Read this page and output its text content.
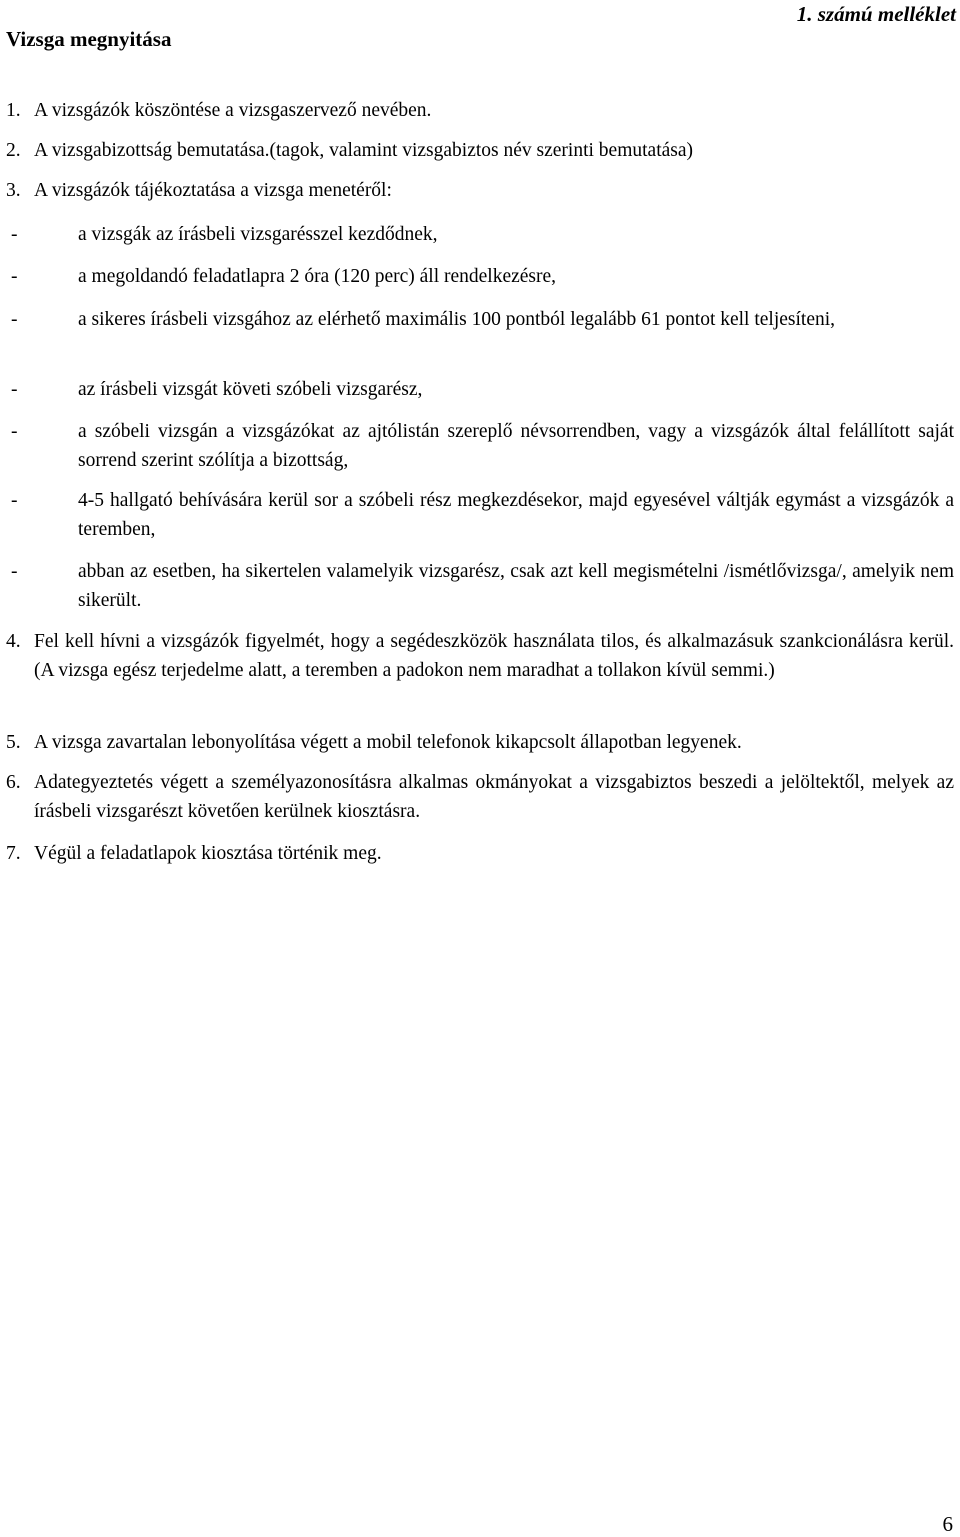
1. számú melléklet
Vizsga megnyitása
1. A vizsgázók köszöntése a vizsgaszervező nevében.
2. A vizsgabizottság bemutatása.(tagok, valamint vizsgabiztos név szerinti bemutatása)
3. A vizsgázók tájékoztatása a vizsga menetéről:
-	a vizsgák az írásbeli vizsgarésszel kezdődnek,
-	a megoldandó feladatlapra 2 óra (120 perc) áll rendelkezésre,
-	a sikeres írásbeli vizsgához az elérhető maximális 100 pontból legalább 61 pontot kell teljesíteni,
-	az írásbeli vizsgát követi szóbeli vizsgarész,
-	a szóbeli vizsgán a vizsgázókat az ajtólistán szereplő névsorrendben, vagy a vizsgázók által felállított saját sorrend szerint szólítja a bizottság,
-	4-5 hallgató behívására kerül sor a szóbeli rész megkezdésekor, majd egyesével váltják egymást a vizsgázók a teremben,
-	abban az esetben, ha sikertelen valamelyik vizsgarész, csak azt kell megismételni /ismétlővizsga/, amelyik nem sikerült.
4. Fel kell hívni a vizsgázók figyelmét, hogy a segédeszközök használata tilos, és alkalmazásuk szankcionálásra kerül.(A vizsga egész terjedelme alatt, a teremben a padokon nem maradhat a tollakon kívül semmi.)
5. A vizsga zavartalan lebonyolítása végett a mobil telefonok kikapcsolt állapotban legyenek.
6. Adategyeztetés végett a személyazonosításra alkalmas okmányokat a vizsgabiztos beszedi a jelöltektől, melyek az írásbeli vizsgarészt követően kerülnek kiosztásra.
7. Végül a feladatlapok kiosztása történik meg.
6
